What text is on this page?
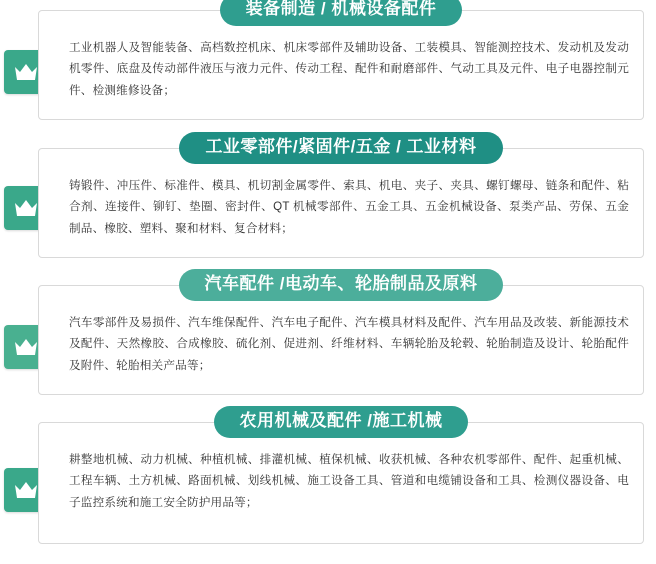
装备制造 / 机械设备配件
工业机器人及智能装备、高档数控机床、机床零部件及辅助设备、工装模具、智能测控技术、发动机及发动机零件、底盘及传动部件液压与液力元件、传动工程、配件和耐磨部件、气动工具及元件、电子电器控制元件、检测维修设备；
工业零部件/紧固件/五金 / 工业材料
铸锻件、冲压件、标准件、模具、机切割金属零件、索具、机电、夹子、夹具、螺钉螺母、链条和配件、粘合剂、连接件、铆钉、垫圈、密封件、QT 机械零部件、五金工具、五金机械设备、泵类产品、劳保、五金制品、橡胶、塑料、聚和材料、复合材料；
汽车配件 /电动车、轮胎制品及原料
汽车零部件及易损件、汽车维保配件、汽车电子配件、汽车模具材料及配件、汽车用品及改装、新能源技术及配件、天然橡胶、合成橡胶、硫化剂、促进剂、纤维材料、车辆轮胎及轮毂、轮胎制造及设计、轮胎配件及附件、轮胎相关产品等；
农用机械及配件 /施工机械
耕整地机械、动力机械、种植机械、排灌机械、植保机械、收获机械、各种农机零部件、配件、起重机械、工程车辆、土方机械、路面机械、划线机械、施工设备工具、管道和电缆铺设备和工具、检测仪器设备、电子监控系统和施工安全防护用品等；
